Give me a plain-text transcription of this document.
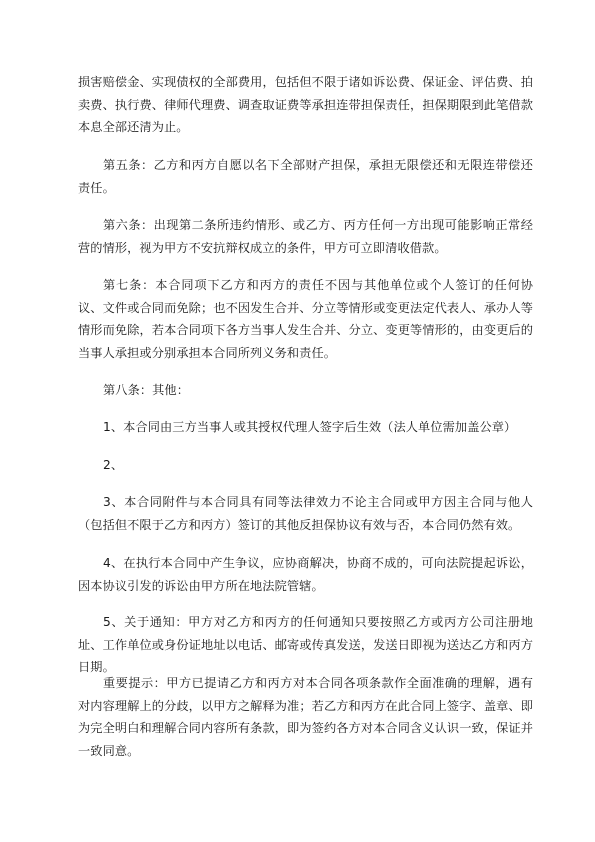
损害赔偿金、实现债权的全部费用，包括但不限于诸如诉讼费、保证金、评估费、拍卖费、执行费、律师代理费、调查取证费等承担连带担保责任，担保期限到此笔借款本息全部还清为止。

第五条：乙方和丙方自愿以名下全部财产担保，承担无限偿还和无限连带偿还责任。

第六条：出现第二条所违约情形、或乙方、丙方任何一方出现可能影响正常经营的情形，视为甲方不安抗辩权成立的条件，甲方可立即清收借款。

第七条：本合同项下乙方和丙方的责任不因与其他单位或个人签订的任何协议、文件或合同而免除；也不因发生合并、分立等情形或变更法定代表人、承办人等情形而免除，若本合同项下各方当事人发生合并、分立、变更等情形的，由变更后的当事人承担或分别承担本合同所列义务和责任。

第八条：其他：

1、本合同由三方当事人或其授权代理人签字后生效（法人单位需加盖公章）

2、

3、本合同附件与本合同具有同等法律效力不论主合同或甲方因主合同与他人（包括但不限于乙方和丙方）签订的其他反担保协议有效与否，本合同仍然有效。

4、在执行本合同中产生争议，应协商解决，协商不成的，可向法院提起诉讼，因本协议引发的诉讼由甲方所在地法院管辖。

5、关于通知：甲方对乙方和丙方的任何通知只要按照乙方或丙方公司注册地址、工作单位或身份证地址以电话、邮寄或传真发送，发送日即视为送达乙方和丙方日期。

重要提示：甲方已提请乙方和丙方对本合同各项条款作全面准确的理解，遇有对内容理解上的分歧，以甲方之解释为准；若乙方和丙方在此合同上签字、盖章、即为完全明白和理解合同内容所有条款，即为签约各方对本合同含义认识一致，保证并一致同意。
